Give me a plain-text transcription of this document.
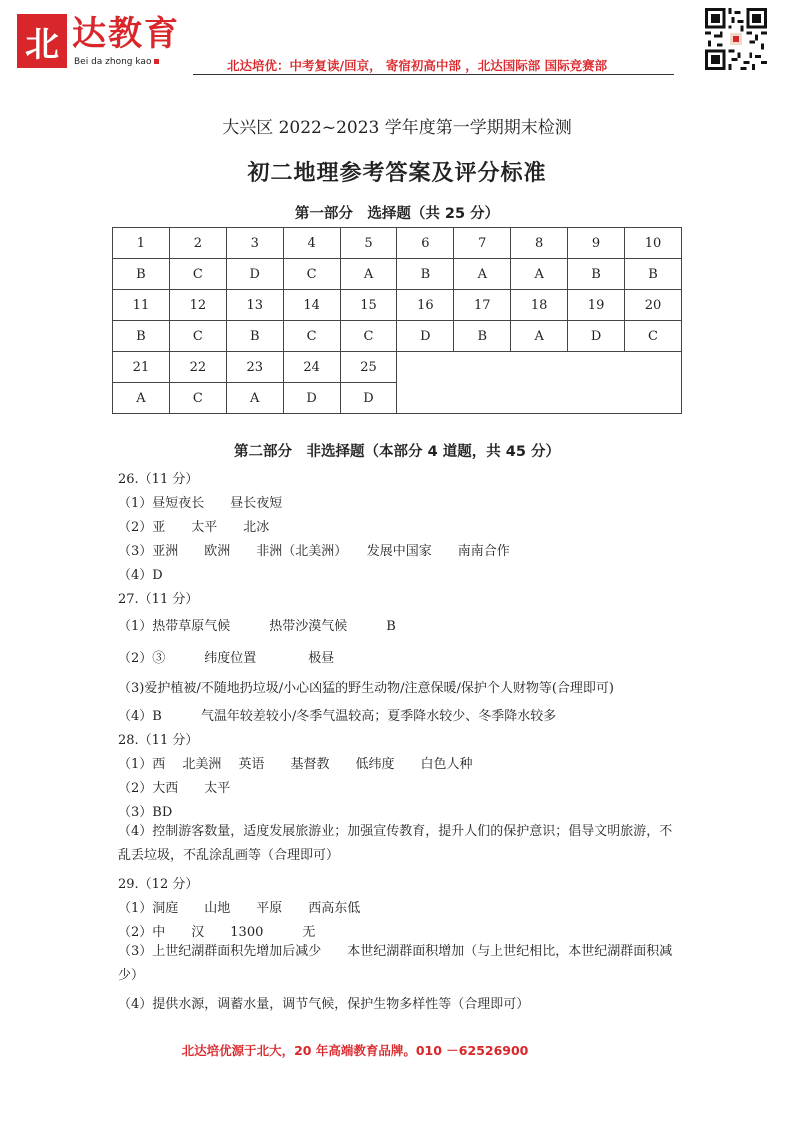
北 达教育
Bei da zhong kao	北达培优：中考复读/回京， 寄宿初高中部 ，北达国际部 国际竞赛部
大兴区 2022~2023 学年度第一学期期末检测
初二地理参考答案及评分标准
第一部分　选择题（共 25 分）
1	2	3	4	5	6	7	8	9	10
B	C	D	C	A	B	A	A	B	B
11	12	13	14	15	16	17	18	19	20
B	C	B	C	C	D	B	A	D	C
21	22	23	24	25					
A	C	A	D	D					
第二部分　非选择题（本部分 4 道题，共 45 分）
26.（11 分）
（1）昼短夜长　　昼长夜短
（2）亚　　太平　　北冰
（3）亚洲　　欧洲　　非洲（北美洲）　　发展中国家　　南南合作
（4）D
27.（11 分）
（1）热带草原气候　　　热带沙漠气候　　　B
（2）③　　　纬度位置　　　　极昼
（3)爱护植被/不随地扔垃圾/小心凶猛的野生动物/注意保暖/保护个人财物等(合理即可)
（4）B　　　气温年较差较小/冬季气温较高；夏季降水较少、冬季降水较多
28.（11 分）
（1）西　 北美洲　 英语　　基督教　　低纬度　　白色人种
（2）大西　　太平
（3）BD
（4）控制游客数量，适度发展旅游业；加强宣传教育，提升人们的保护意识；倡导文明旅游，不乱丢垃圾，不乱涂乱画等（合理即可）
29.（12 分）
（1）洞庭　　山地　　平原　　西高东低
（2）中　　汉　　1300　　　无
（3）上世纪湖群面积先增加后减少　　本世纪湖群面积增加（与上世纪相比，本世纪湖群面积减少）
（4）提供水源，调蓄水量，调节气候，保护生物多样性等（合理即可）
北达培优源于北大，20 年高端教育品牌。010 －62526900
